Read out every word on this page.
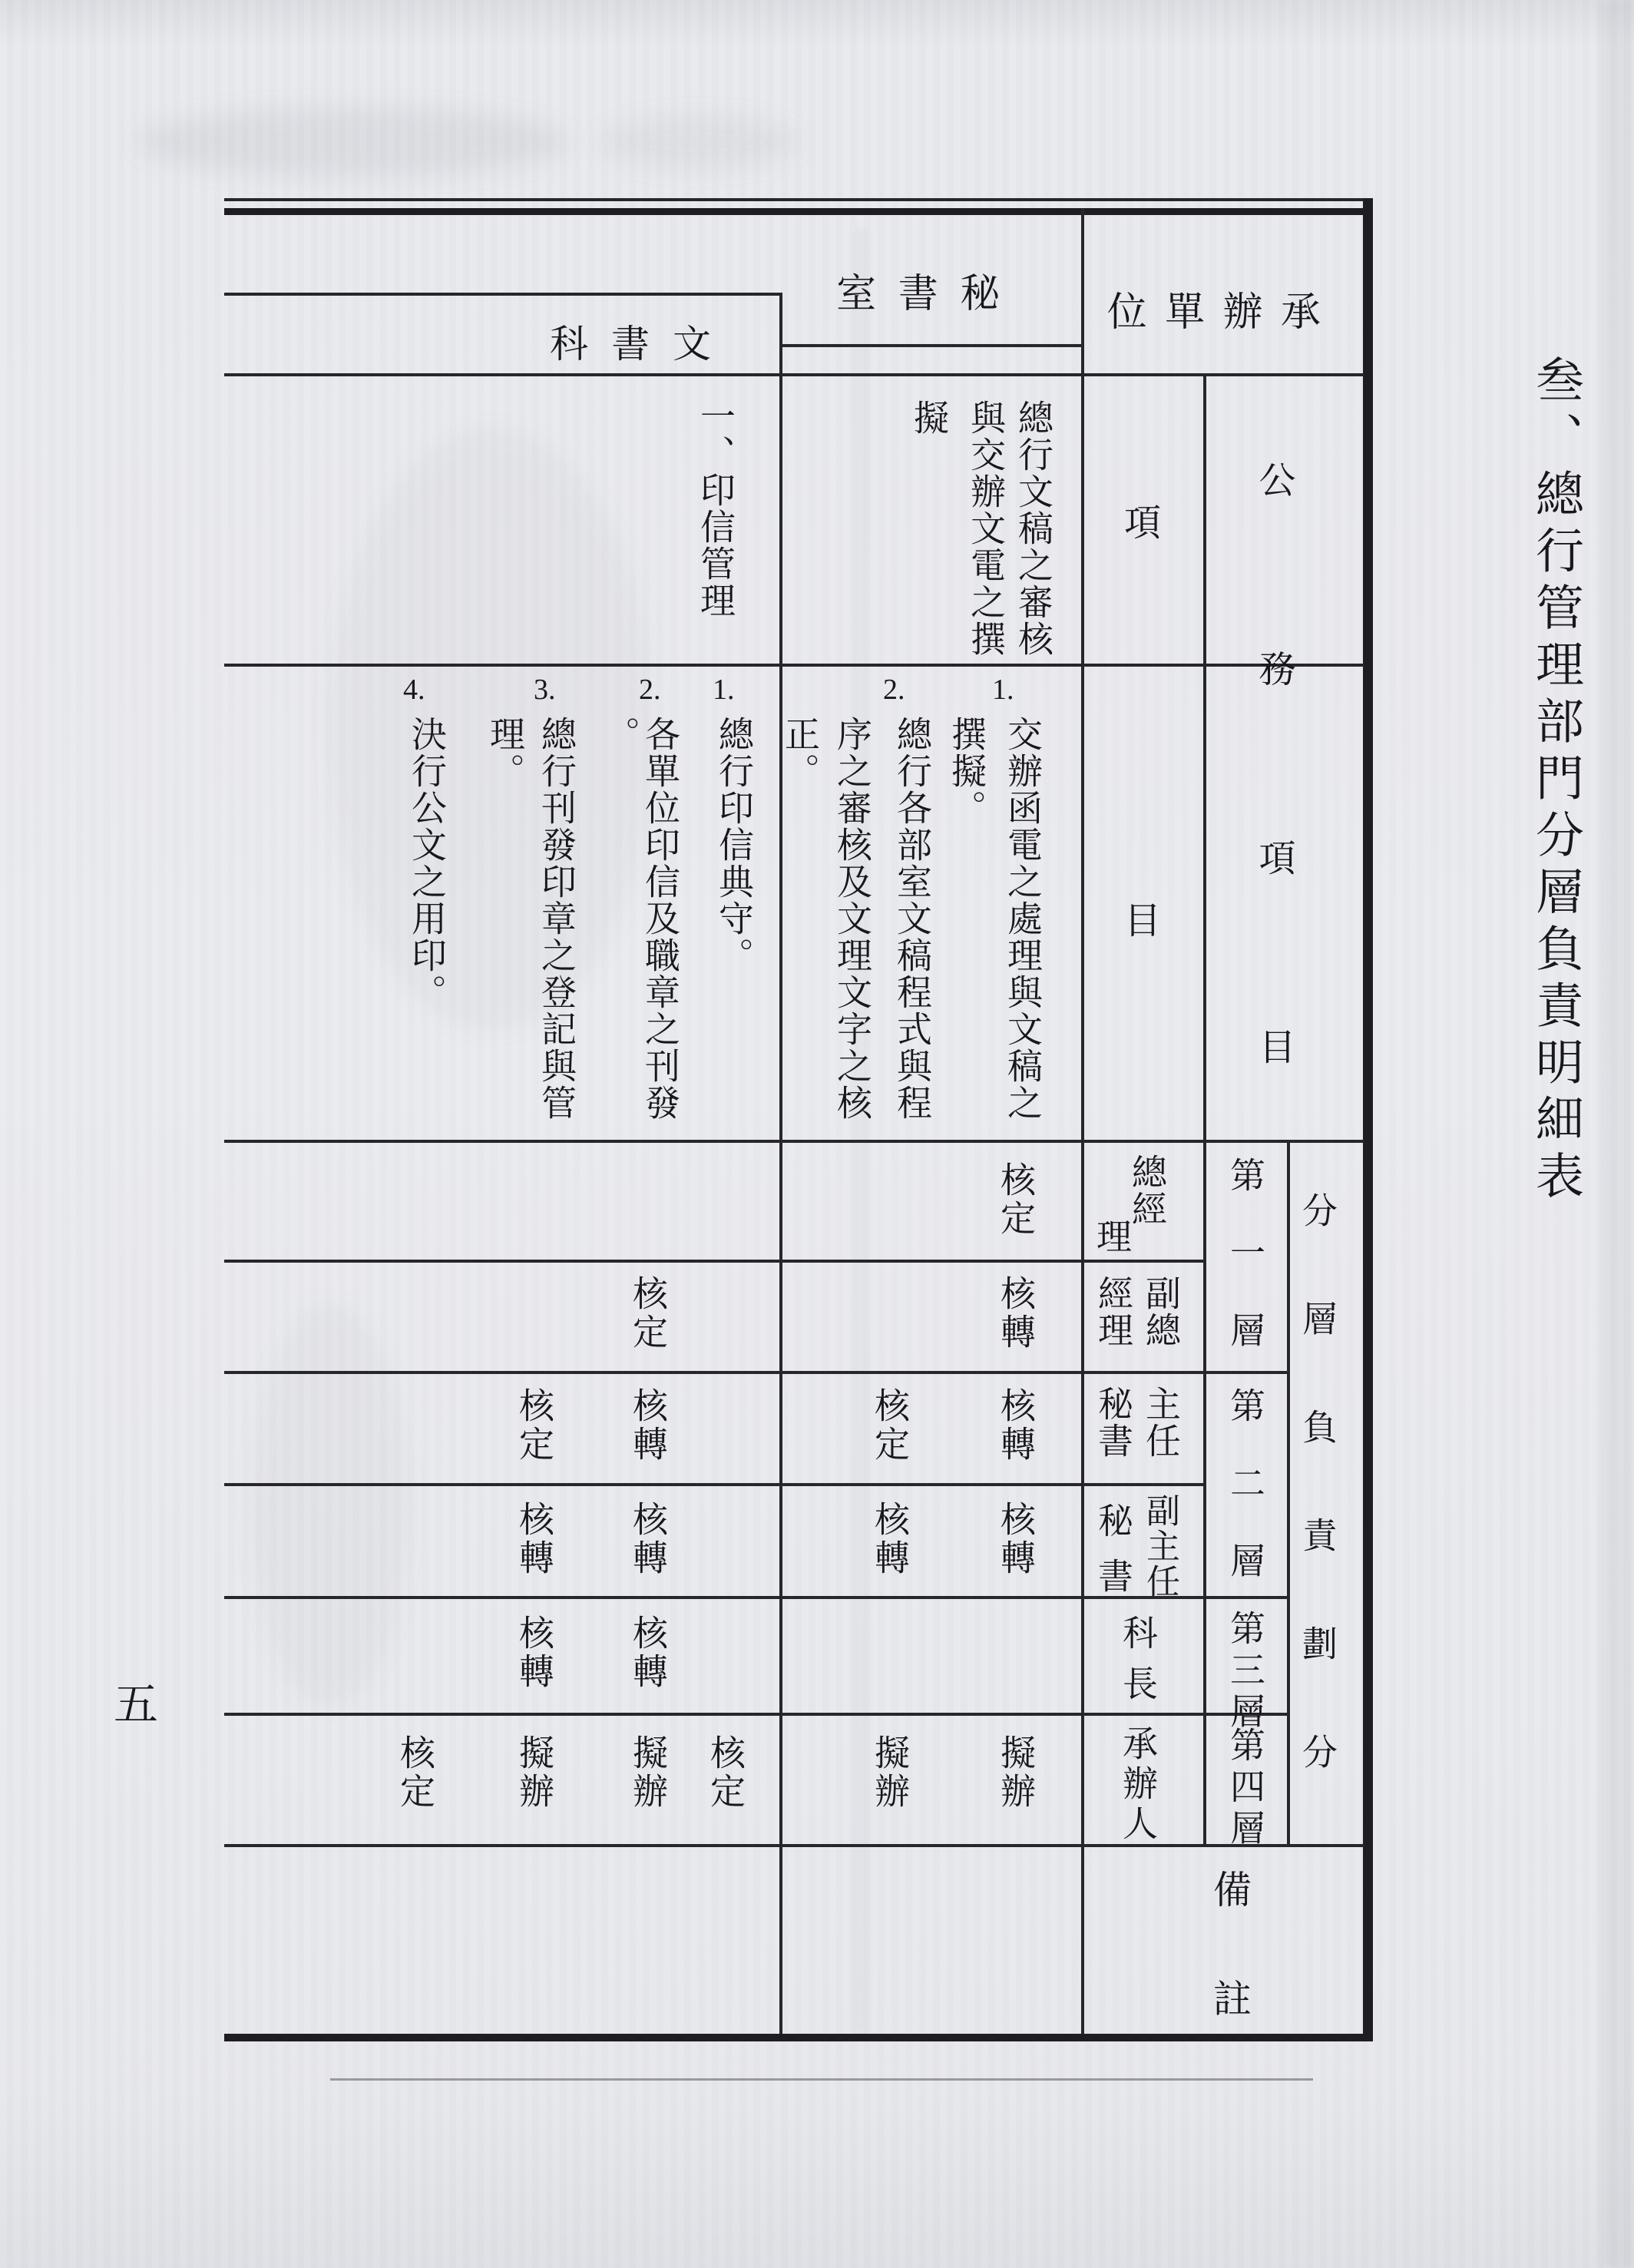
叁、總行管理部門分層負責明細表
五
位單辦承
項
目	公務項目
分層負責劃分
第一層
第二層
第三層
第四層
總經
理
副總
經理
主任
秘書
副主任
秘書
科長
承辦人
備註
室書秘
總行文稿之審核
與交辦文電之撰
擬
1.
交辦函電之處理與文稿之
撰擬。
2.
總行各部室文稿程式與程
序之審核及文理文字之核
正。
核定
核轉
核轉
核轉
擬辦
核定
核轉
擬辦
科書文
一、印信管理
1.
總行印信典守。
2.
各單位印信及職章之刊發
。
3.
總行刊發印章之登記與管
理。
4.
決行公文之用印。
核定
核定
核轉
核轉
核轉
擬辦
核定
核轉
核轉
擬辦
核定
